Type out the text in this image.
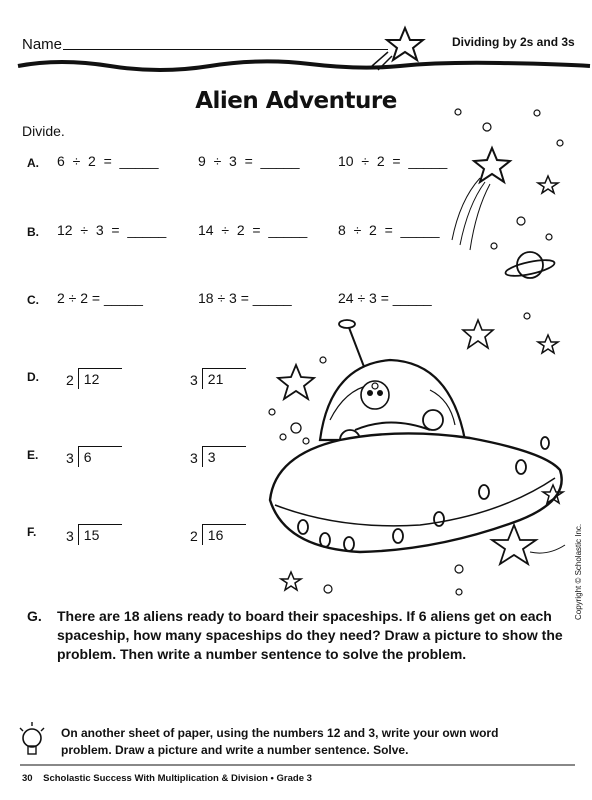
Name	Dividing by 2s and 3s
Alien Adventure
Divide.
A. 6  ÷  2  =  _____	9  ÷  3  =  _____	10  ÷  2  =  _____
B. 12  ÷  3  =  _____ 14  ÷  2  =  _____ 8  ÷  2  =  _____
C. 2 ÷ 2 = _____	18 ÷ 3 = _____	24 ÷ 3 = _____
D. 2 12	3 21
E. 3 6	3 3
F. 3 15	2 16
G. There are 18 aliens ready to board their spaceships. If 6 aliens get on each spaceship, how many spaceships do they need? Draw a picture to show the problem. Then write a number sentence to solve the problem.
On another sheet of paper, using the numbers 12 and 3, write your own word problem. Draw a picture and write a number sentence. Solve.
30    Scholastic Success With Multiplication & Division • Grade 3
Copyright © Scholastic Inc.
